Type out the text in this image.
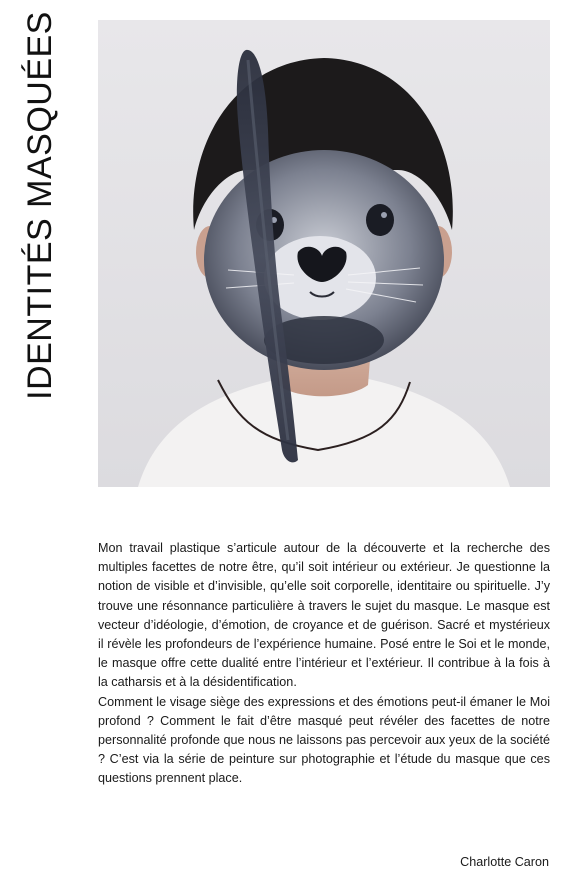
IDENTITÉS MASQUÉES

Mon travail plastique s’articule autour de la découverte et la recherche des multiples facettes de notre être, qu’il soit intérieur ou extérieur. Je questionne la notion de visible et d’invisible, qu’elle soit corporelle, identitaire ou spirituelle. J’y trouve une résonnance particulière à travers le sujet du masque. Le masque est vecteur d’idéologie, d’émotion, de croyance et de guérison. Sacré et mystérieux il révèle les profondeurs de l’expérience humaine. Posé entre le Soi et le monde, le masque offre cette dualité entre l’intérieur et l’extérieur. Il contribue à la fois à la catharsis et à la désidentification.

Comment le visage siège des expressions et des émotions peut-il émaner le Moi profond ? Comment le fait d’être masqué peut révéler des facettes de notre personnalité profonde que nous ne laissons pas percevoir aux yeux de la société ? C’est via la série de peinture sur photographie et l’étude du masque que ces questions prennent place.

Charlotte Caron
